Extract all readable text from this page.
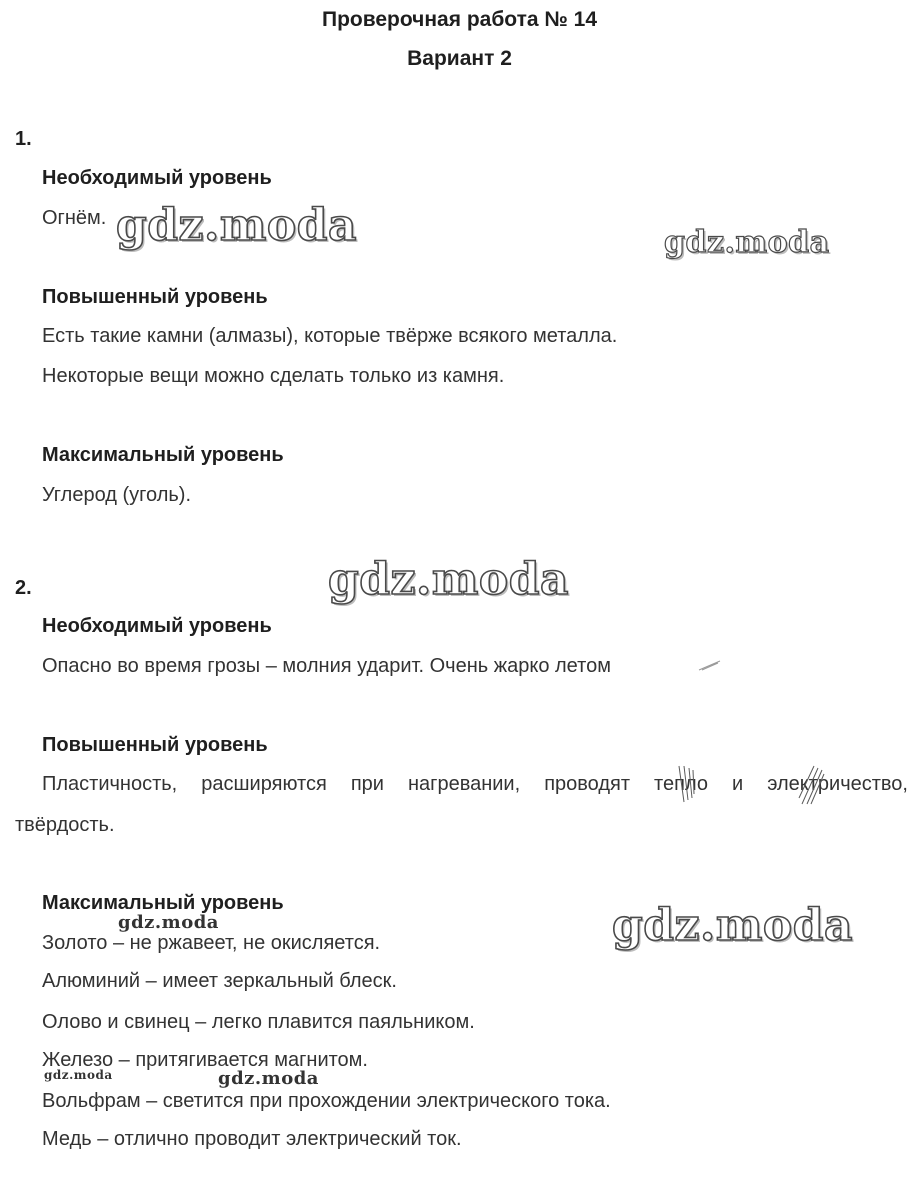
Проверочная работа № 14
Вариант 2
1.
Необходимый уровень
Огнём.
Повышенный уровень
Есть такие камни (алмазы), которые твёрже всякого металла.
Некоторые вещи можно сделать только из камня.
Максимальный уровень
Углерод (уголь).
2.
Необходимый уровень
Опасно во время грозы – молния ударит. Очень жарко летом
Повышенный уровень
Пластичность, расширяются при нагревании, проводят тепло и электричество,
твёрдость.
Максимальный уровень
Золото – не ржавеет, не окисляется.
Алюминий – имеет зеркальный блеск.
Олово и свинец – легко плавится паяльником.
Железо – притягивается магнитом.
Вольфрам – светится при прохождении электрического тока.
Медь – отлично проводит электрический ток.
gdz.moda	gdz.moda
gdz.moda
gdz.moda
gdz.moda
gdz.moda
gdz.moda
